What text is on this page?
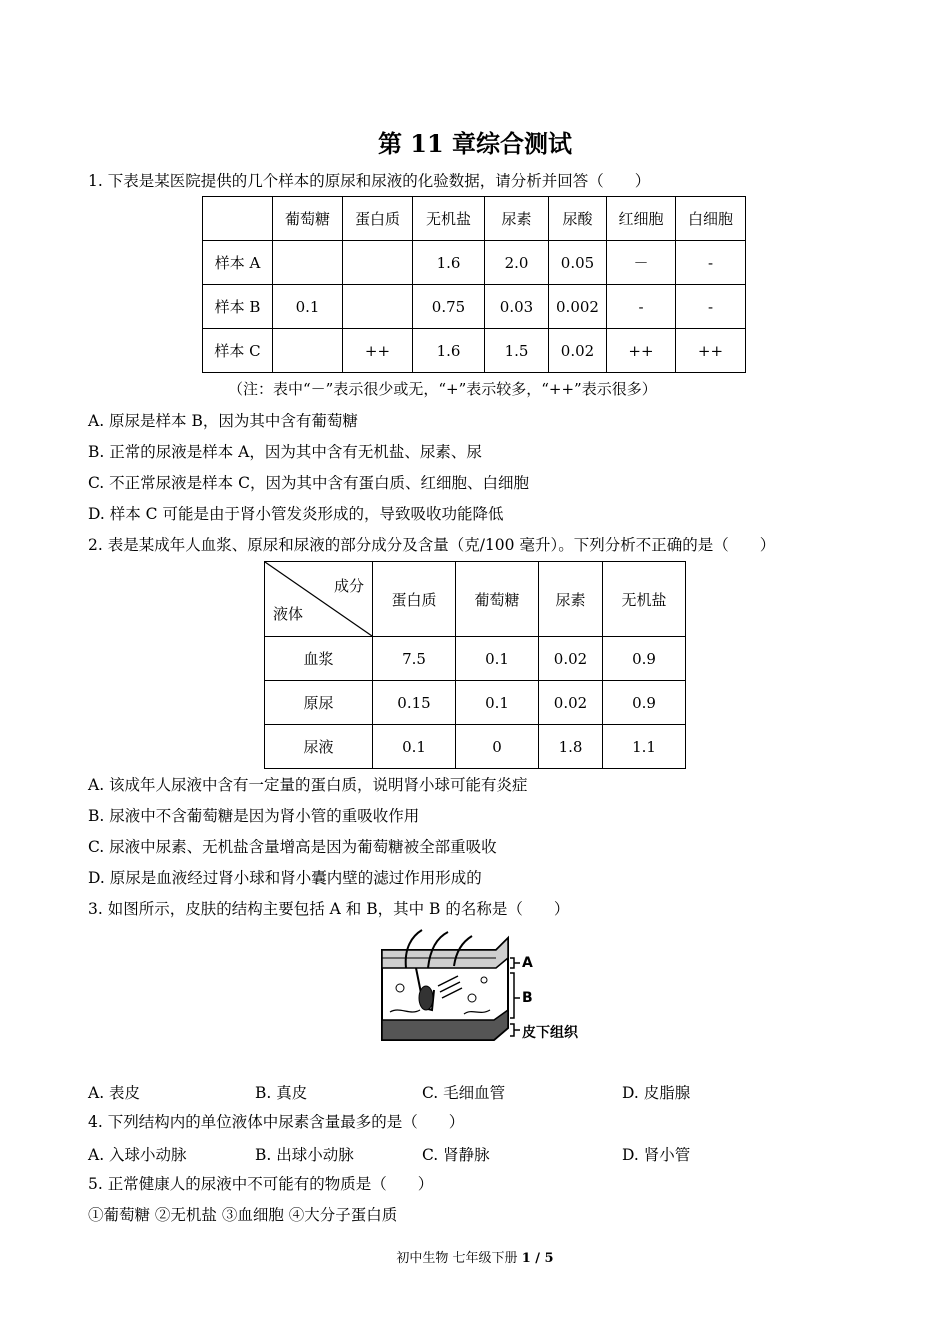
第 11 章综合测试
1. 下表是某医院提供的几个样本的原尿和尿液的化验数据，请分析并回答（　　）
	葡萄糖	蛋白质	无机盐	尿素	尿酸	红细胞	白细胞
样本 A			1.6	2.0	0.05	－	-
样本 B	0.1		0.75	0.03	0.002	-	-
样本 C		++	1.6	1.5	0.02	++	++
（注：表中“－”表示很少或无，“+”表示较多，“++”表示很多）
A. 原尿是样本 B，因为其中含有葡萄糖
B. 正常的尿液是样本 A，因为其中含有无机盐、尿素、尿
C. 不正常尿液是样本 C，因为其中含有蛋白质、红细胞、白细胞
D. 样本 C 可能是由于肾小管发炎形成的，导致吸收功能降低
2. 表是某成年人血浆、原尿和尿液的部分成分及含量（克/100 毫升）。下列分析不正确的是（　　）
成分
液体	蛋白质	葡萄糖	尿素	无机盐
血浆	7.5	0.1	0.02	0.9
原尿	0.15	0.1	0.02	0.9
尿液	0.1	0	1.8	1.1
A. 该成年人尿液中含有一定量的蛋白质，说明肾小球可能有炎症
B. 尿液中不含葡萄糖是因为肾小管的重吸收作用
C. 尿液中尿素、无机盐含量增高是因为葡萄糖被全部重吸收
D. 原尿是血液经过肾小球和肾小囊内壁的滤过作用形成的
3. 如图所示，皮肤的结构主要包括 A 和 B，其中 B 的名称是（　　）
A
B
皮下组织
A. 表皮	B. 真皮	C. 毛细血管	D. 皮脂腺
4. 下列结构内的单位液体中尿素含量最多的是（　　）
A. 入球小动脉	B. 出球小动脉	C. 肾静脉	D. 肾小管
5. 正常健康人的尿液中不可能有的物质是（　　）
①葡萄糖 ②无机盐 ③血细胞 ④大分子蛋白质
初中生物 七年级下册 1 / 5
